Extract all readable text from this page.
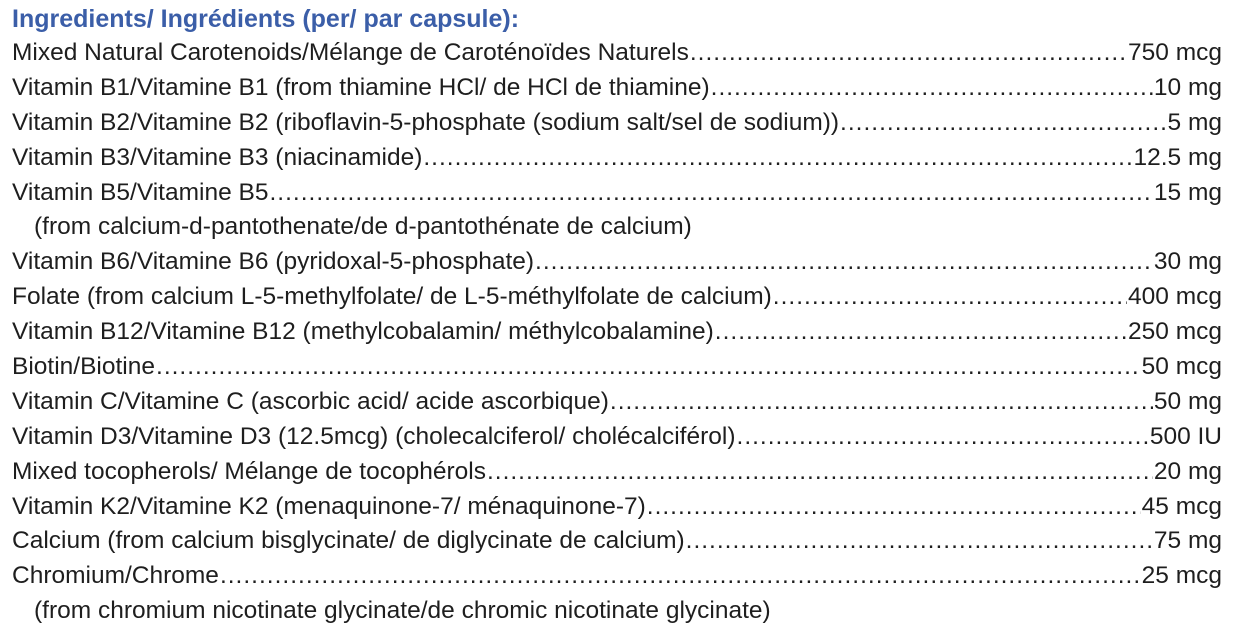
Ingredients/ Ingrédients (per/ par capsule):
Mixed Natural Carotenoids/Mélange de Caroténoïdes Naturels .....	750 mcg
Vitamin B1/Vitamine B1 (from thiamine HCl/ de HCl de thiamine) .....	10 mg
Vitamin B2/Vitamine B2 (riboflavin-5-phosphate (sodium salt/sel de sodium)) .....	5 mg
Vitamin B3/Vitamine B3 (niacinamide) .....	12.5 mg
Vitamin B5/Vitamine B5 .....	15 mg
(from calcium-d-pantothenate/de d-pantothénate de calcium)
Vitamin B6/Vitamine B6 (pyridoxal-5-phosphate) .....	30 mg
Folate (from calcium L-5-methylfolate/ de L-5-méthylfolate de calcium) .....	400 mcg
Vitamin B12/Vitamine B12 (methylcobalamin/ méthylcobalamine) .....	250 mcg
Biotin/Biotine .....	50 mcg
Vitamin C/Vitamine C (ascorbic acid/ acide ascorbique) .....	50 mg
Vitamin D3/Vitamine D3 (12.5mcg) (cholecalciferol/ cholécalciférol) .....	500 IU
Mixed tocopherols/ Mélange de tocophérols .....	20 mg
Vitamin K2/Vitamine K2 (menaquinone-7/ ménaquinone-7) .....	45 mcg
Calcium (from calcium bisglycinate/ de diglycinate de calcium) .....	75 mg
Chromium/Chrome .....	25 mcg
(from chromium nicotinate glycinate/de chromic nicotinate glycinate)
